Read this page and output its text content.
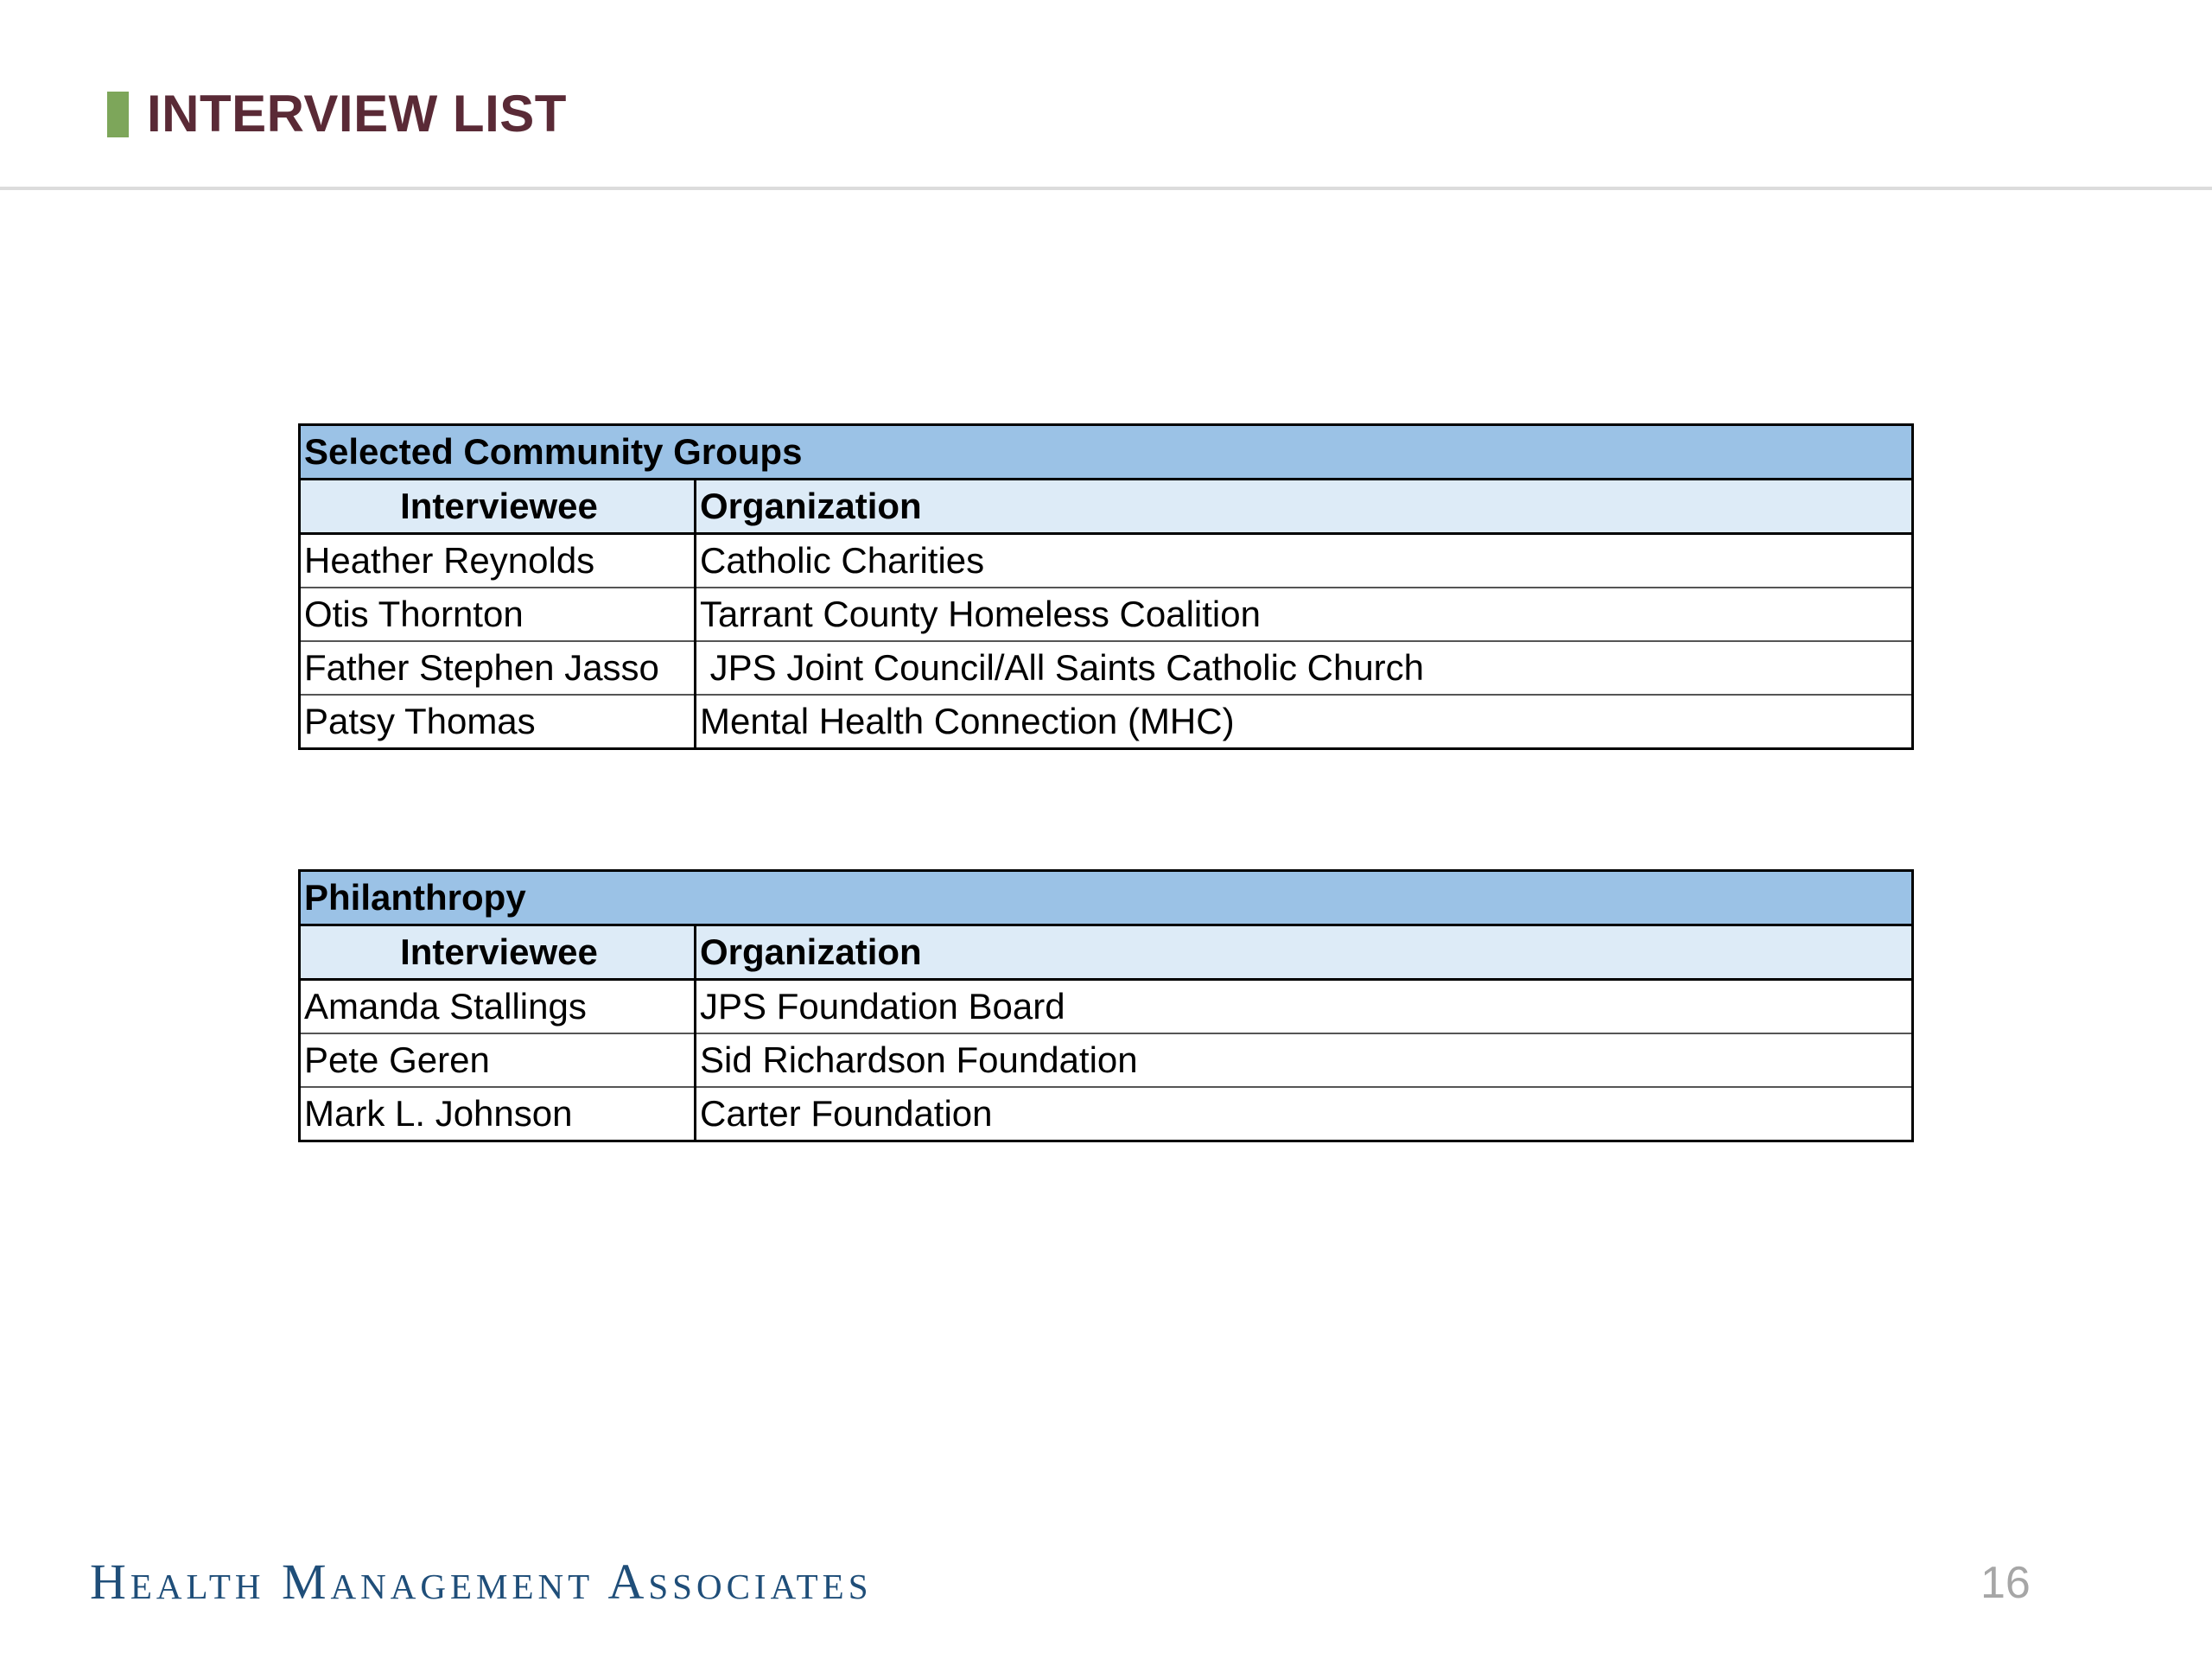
INTERVIEW LIST
Selected Community Groups	
Interviewee	Organization
Heather Reynolds	Catholic Charities
Otis Thornton	Tarrant County Homeless Coalition
Father Stephen Jasso	JPS Joint Council/All Saints Catholic Church
Patsy Thomas	Mental Health Connection (MHC)
Philanthropy	
Interviewee	Organization
Amanda Stallings	JPS Foundation Board
Pete Geren	Sid Richardson Foundation
Mark L. Johnson	Carter Foundation
Health Management Associates	16
